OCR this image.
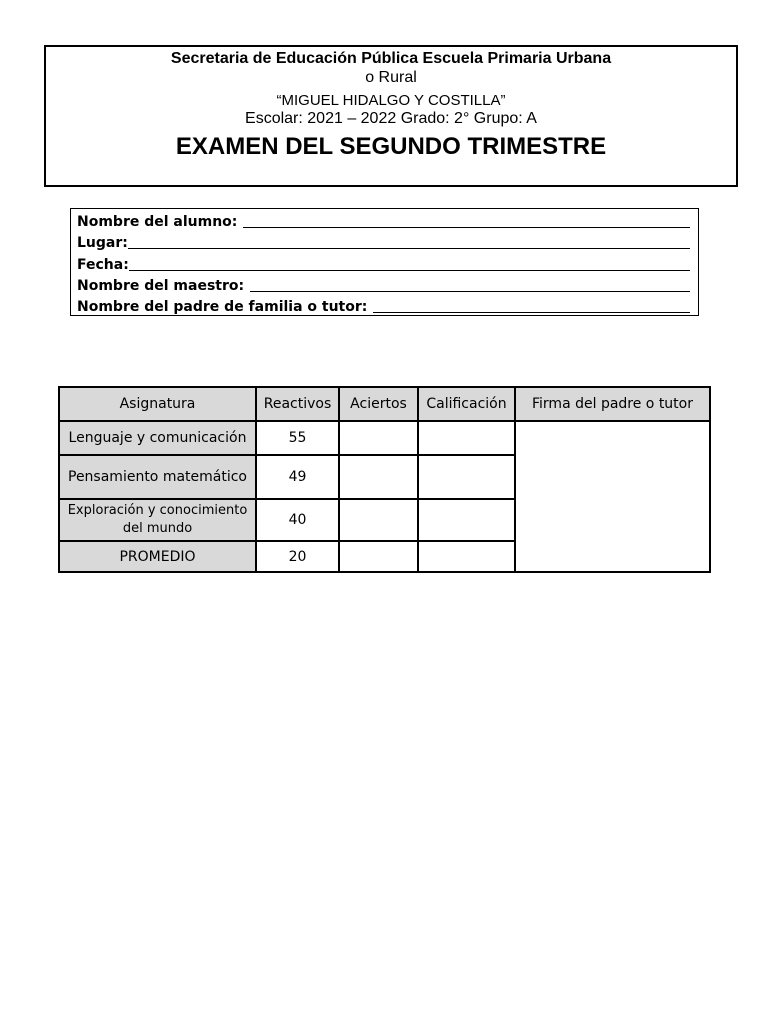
Secretaria de Educación Pública Escuela Primaria Urbana
o Rural
“MIGUEL HIDALGO Y COSTILLA”
Escolar: 2021 – 2022 Grado: 2° Grupo: A
EXAMEN DEL SEGUNDO TRIMESTRE
Nombre del alumno:
Lugar:
Fecha:
Nombre del maestro:
Nombre del padre de familia o tutor:
Asignatura	Reactivos	Aciertos	Calificación	Firma del padre o tutor
Lenguaje y comunicación	55			
Pensamiento matemático	49			
Exploración y conocimiento del mundo	40			
PROMEDIO	20			
